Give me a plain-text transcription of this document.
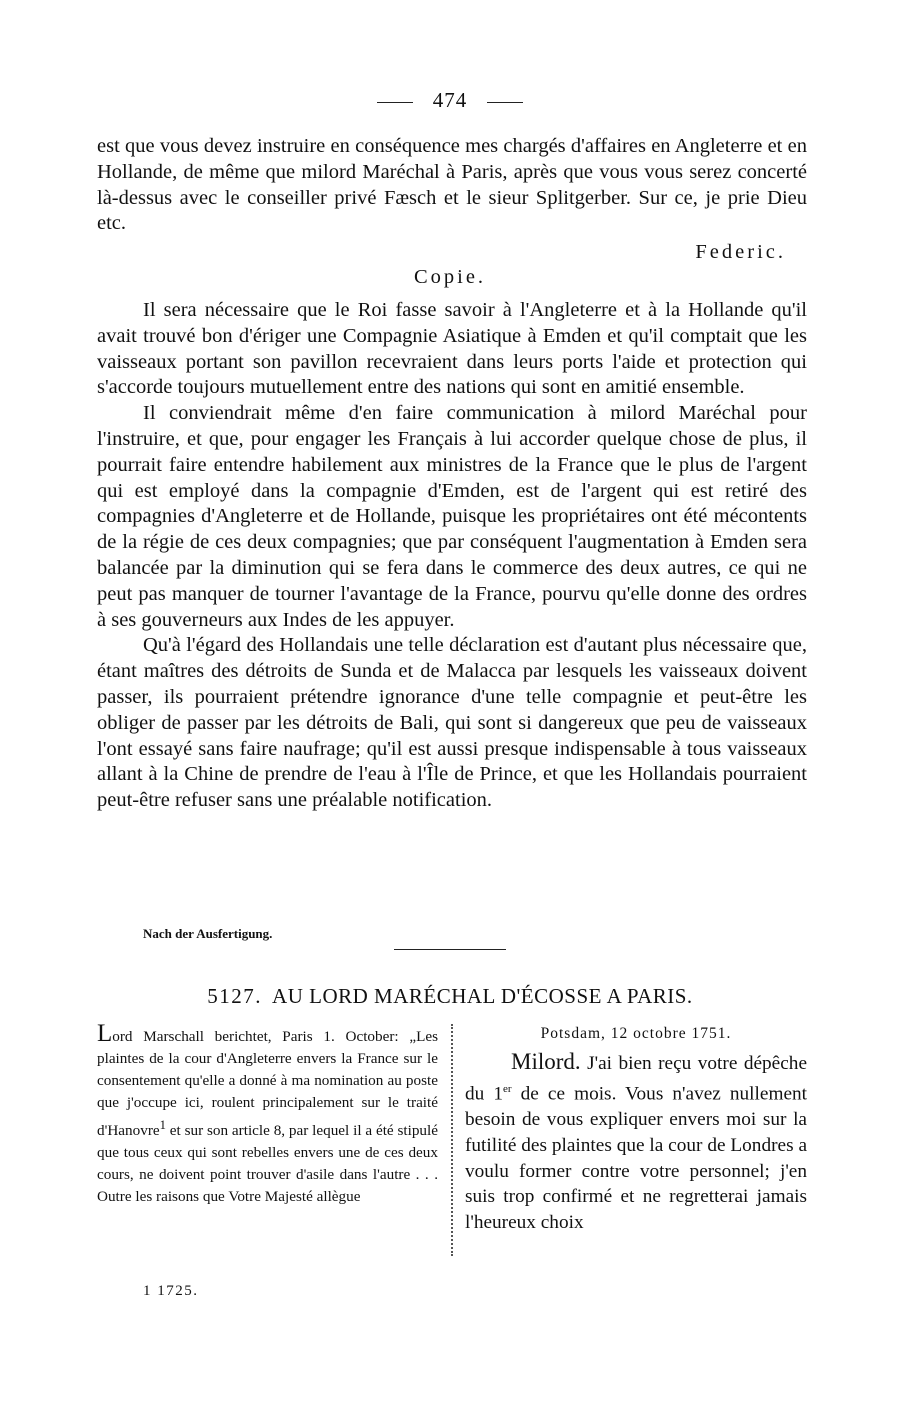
474

est que vous devez instruire en conséquence mes chargés d'affaires en Angleterre et en Hollande, de même que milord Maréchal à Paris, après que vous vous serez concerté là-dessus avec le conseiller privé Fæsch et le sieur Splitgerber. Sur ce, je prie Dieu etc.

Federic.
Copie.

Il sera nécessaire que le Roi fasse savoir à l'Angleterre et à la Hollande qu'il avait trouvé bon d'ériger une Compagnie Asiatique à Emden et qu'il comptait que les vaisseaux portant son pavillon recevraient dans leurs ports l'aide et protection qui s'accorde toujours mutuellement entre des nations qui sont en amitié ensemble.

Il conviendrait même d'en faire communication à milord Maréchal pour l'instruire, et que, pour engager les Français à lui accorder quelque chose de plus, il pourrait faire entendre habilement aux ministres de la France que le plus de l'argent qui est employé dans la compagnie d'Emden, est de l'argent qui est retiré des compagnies d'Angleterre et de Hollande, puisque les propriétaires ont été mécontents de la régie de ces deux compagnies; que par conséquent l'augmentation à Emden sera balancée par la diminution qui se fera dans le commerce des deux autres, ce qui ne peut pas manquer de tourner l'avantage de la France, pourvu qu'elle donne des ordres à ses gouverneurs aux Indes de les appuyer.

Qu'à l'égard des Hollandais une telle déclaration est d'autant plus nécessaire que, étant maîtres des détroits de Sunda et de Malacca par lesquels les vaisseaux doivent passer, ils pourraient prétendre ignorance d'une telle compagnie et peut-être les obliger de passer par les détroits de Bali, qui sont si dangereux que peu de vaisseaux l'ont essayé sans faire naufrage; qu'il est aussi presque indispensable à tous vaisseaux allant à la Chine de prendre de l'eau à l'Île de Prince, et que les Hollandais pourraient peut-être refuser sans une préalable notification.

Nach der Ausfertigung.
5127. AU LORD MARÉCHAL D'ÉCOSSE A PARIS.
Lord Marschall berichtet, Paris 1. October: „Les plaintes de la cour d'Angleterre envers la France sur le consentement qu'elle a donné à ma nomination au poste que j'occupe ici, roulent principalement sur le traité d'Hanovre$^1$ et sur son article 8, par lequel il a été stipulé que tous ceux qui sont rebelles envers une de ces deux cours, ne doivent point trouver d'asile dans l'autre . . . Outre les raisons que Votre Majesté allègue
Potsdam, 12 octobre 1751.
Milord. J'ai bien reçu votre dépêche du 1er de ce mois. Vous n'avez nullement besoin de vous expliquer envers moi sur la futilité des plaintes que la cour de Londres a voulu former contre votre personnel; j'en suis trop confirmé et ne regretterai jamais l'heureux choix
1 1725.
